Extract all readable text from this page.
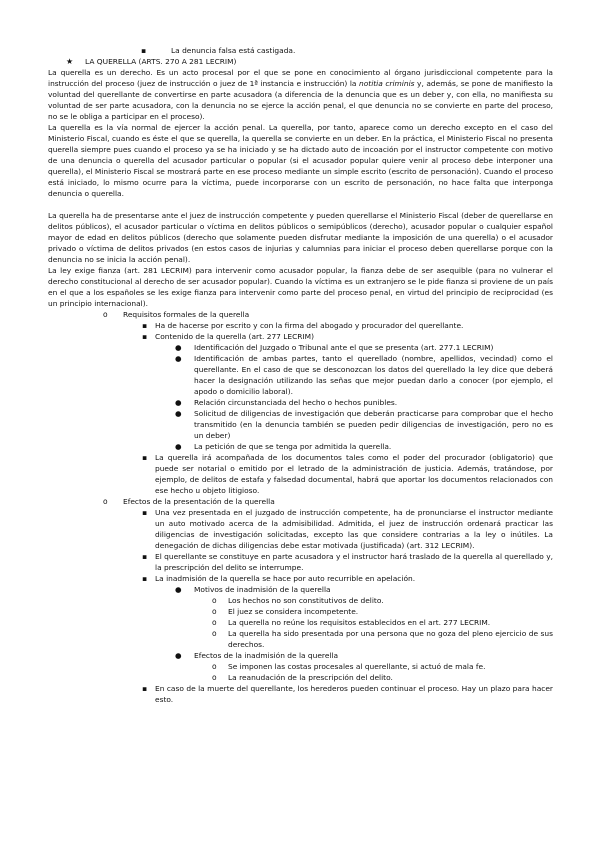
▪	La denuncia falsa está castigada.
★ LA QUERELLA (ARTS. 270 A 281 LECRIM)

La querella es un derecho. Es un acto procesal por el que se pone en conocimiento al órgano jurisdiccional competente para la instrucción del proceso (juez de instrucción o juez de 1ª instancia e instrucción) la notitia criminis y, además, se pone de manifiesto la voluntad del querellante de convertirse en parte acusadora (a diferencia de la denuncia que es un deber y, con ella, no manifiesta su voluntad de ser parte acusadora, con la denuncia no se ejerce la acción penal, el que denuncia no se convierte en parte del proceso, no se le obliga a participar en el proceso).

La querella es la vía normal de ejercer la acción penal. La querella, por tanto, aparece como un derecho excepto en el caso del Ministerio Fiscal, cuando es éste el que se querella, la querella se convierte en un deber. En la práctica, el Ministerio Fiscal no presenta querella siempre pues cuando el proceso ya se ha iniciado y se ha dictado auto de incoación por el instructor competente con motivo de una denuncia o querella del acusador particular o popular (si el acusador popular quiere venir al proceso debe interponer una querella), el Ministerio Fiscal se mostrará parte en ese proceso mediante un simple escrito (escrito de personación). Cuando el proceso está iniciado, lo mismo ocurre para la víctima, puede incorporarse con un escrito de personación, no hace falta que interponga denuncia o querella.

La querella ha de presentarse ante el juez de instrucción competente y pueden querellarse el Ministerio Fiscal (deber de querellarse en delitos públicos), el acusador particular o víctima en delitos públicos o semipúblicos (derecho), acusador popular o cualquier español mayor de edad en delitos públicos (derecho que solamente pueden disfrutar mediante la imposición de una querella) o el acusador privado o víctima de delitos privados (en estos casos de injurias y calumnias para iniciar el proceso deben querellarse porque con la denuncia no se inicia la acción penal).

La ley exige fianza (art. 281 LECRIM) para intervenir como acusador popular, la fianza debe de ser asequible (para no vulnerar el derecho constitucional al derecho de ser acusador popular). Cuando la víctima es un extranjero se le pide fianza si proviene de un país en el que a los españoles se les exige fianza para intervenir como parte del proceso penal, en virtud del principio de reciprocidad (es un principio internacional).

o Requisitos formales de la querella
▪ Ha de hacerse por escrito y con la firma del abogado y procurador del querellante.
▪ Contenido de la querella (art. 277 LECRIM)
● Identificación del Juzgado o Tribunal ante el que se presenta (art. 277.1 LECRIM)
● Identificación de ambas partes, tanto el querellado (nombre, apellidos, vecindad) como el querellante. En el caso de que se desconozcan los datos del querellado la ley dice que deberá hacer la designación utilizando las señas que mejor puedan darlo a conocer (por ejemplo, el apodo o domicilio laboral).
● Relación circunstanciada del hecho o hechos punibles.
● Solicitud de diligencias de investigación que deberán practicarse para comprobar que el hecho transmitido (en la denuncia también se pueden pedir diligencias de investigación, pero no es un deber)
● La petición de que se tenga por admitida la querella.
▪ La querella irá acompañada de los documentos tales como el poder del procurador (obligatorio) que puede ser notarial o emitido por el letrado de la administración de justicia. Además, tratándose, por ejemplo, de delitos de estafa y falsedad documental, habrá que aportar los documentos relacionados con ese hecho u objeto litigioso.
o Efectos de la presentación de la querella
▪ Una vez presentada en el juzgado de instrucción competente, ha de pronunciarse el instructor mediante un auto motivado acerca de la admisibilidad. Admitida, el juez de instrucción ordenará practicar las diligencias de investigación solicitadas, excepto las que considere contrarias a la ley o inútiles. La denegación de dichas diligencias debe estar motivada (justificada) (art. 312 LECRIM).
▪ El querellante se constituye en parte acusadora y el instructor hará traslado de la querella al querellado y, la prescripción del delito se interrumpe.
▪ La inadmisión de la querella se hace por auto recurrible en apelación.
● Motivos de inadmisión de la querella
o Los hechos no son constitutivos de delito.
o El juez se considera incompetente.
o La querella no reúne los requisitos establecidos en el art. 277 LECRIM.
o La querella ha sido presentada por una persona que no goza del pleno ejercicio de sus derechos.
● Efectos de la inadmisión de la querella
o Se imponen las costas procesales al querellante, si actuó de mala fe.
o La reanudación de la prescripción del delito.
▪ En caso de la muerte del querellante, los herederos pueden continuar el proceso. Hay un plazo para hacer esto.
